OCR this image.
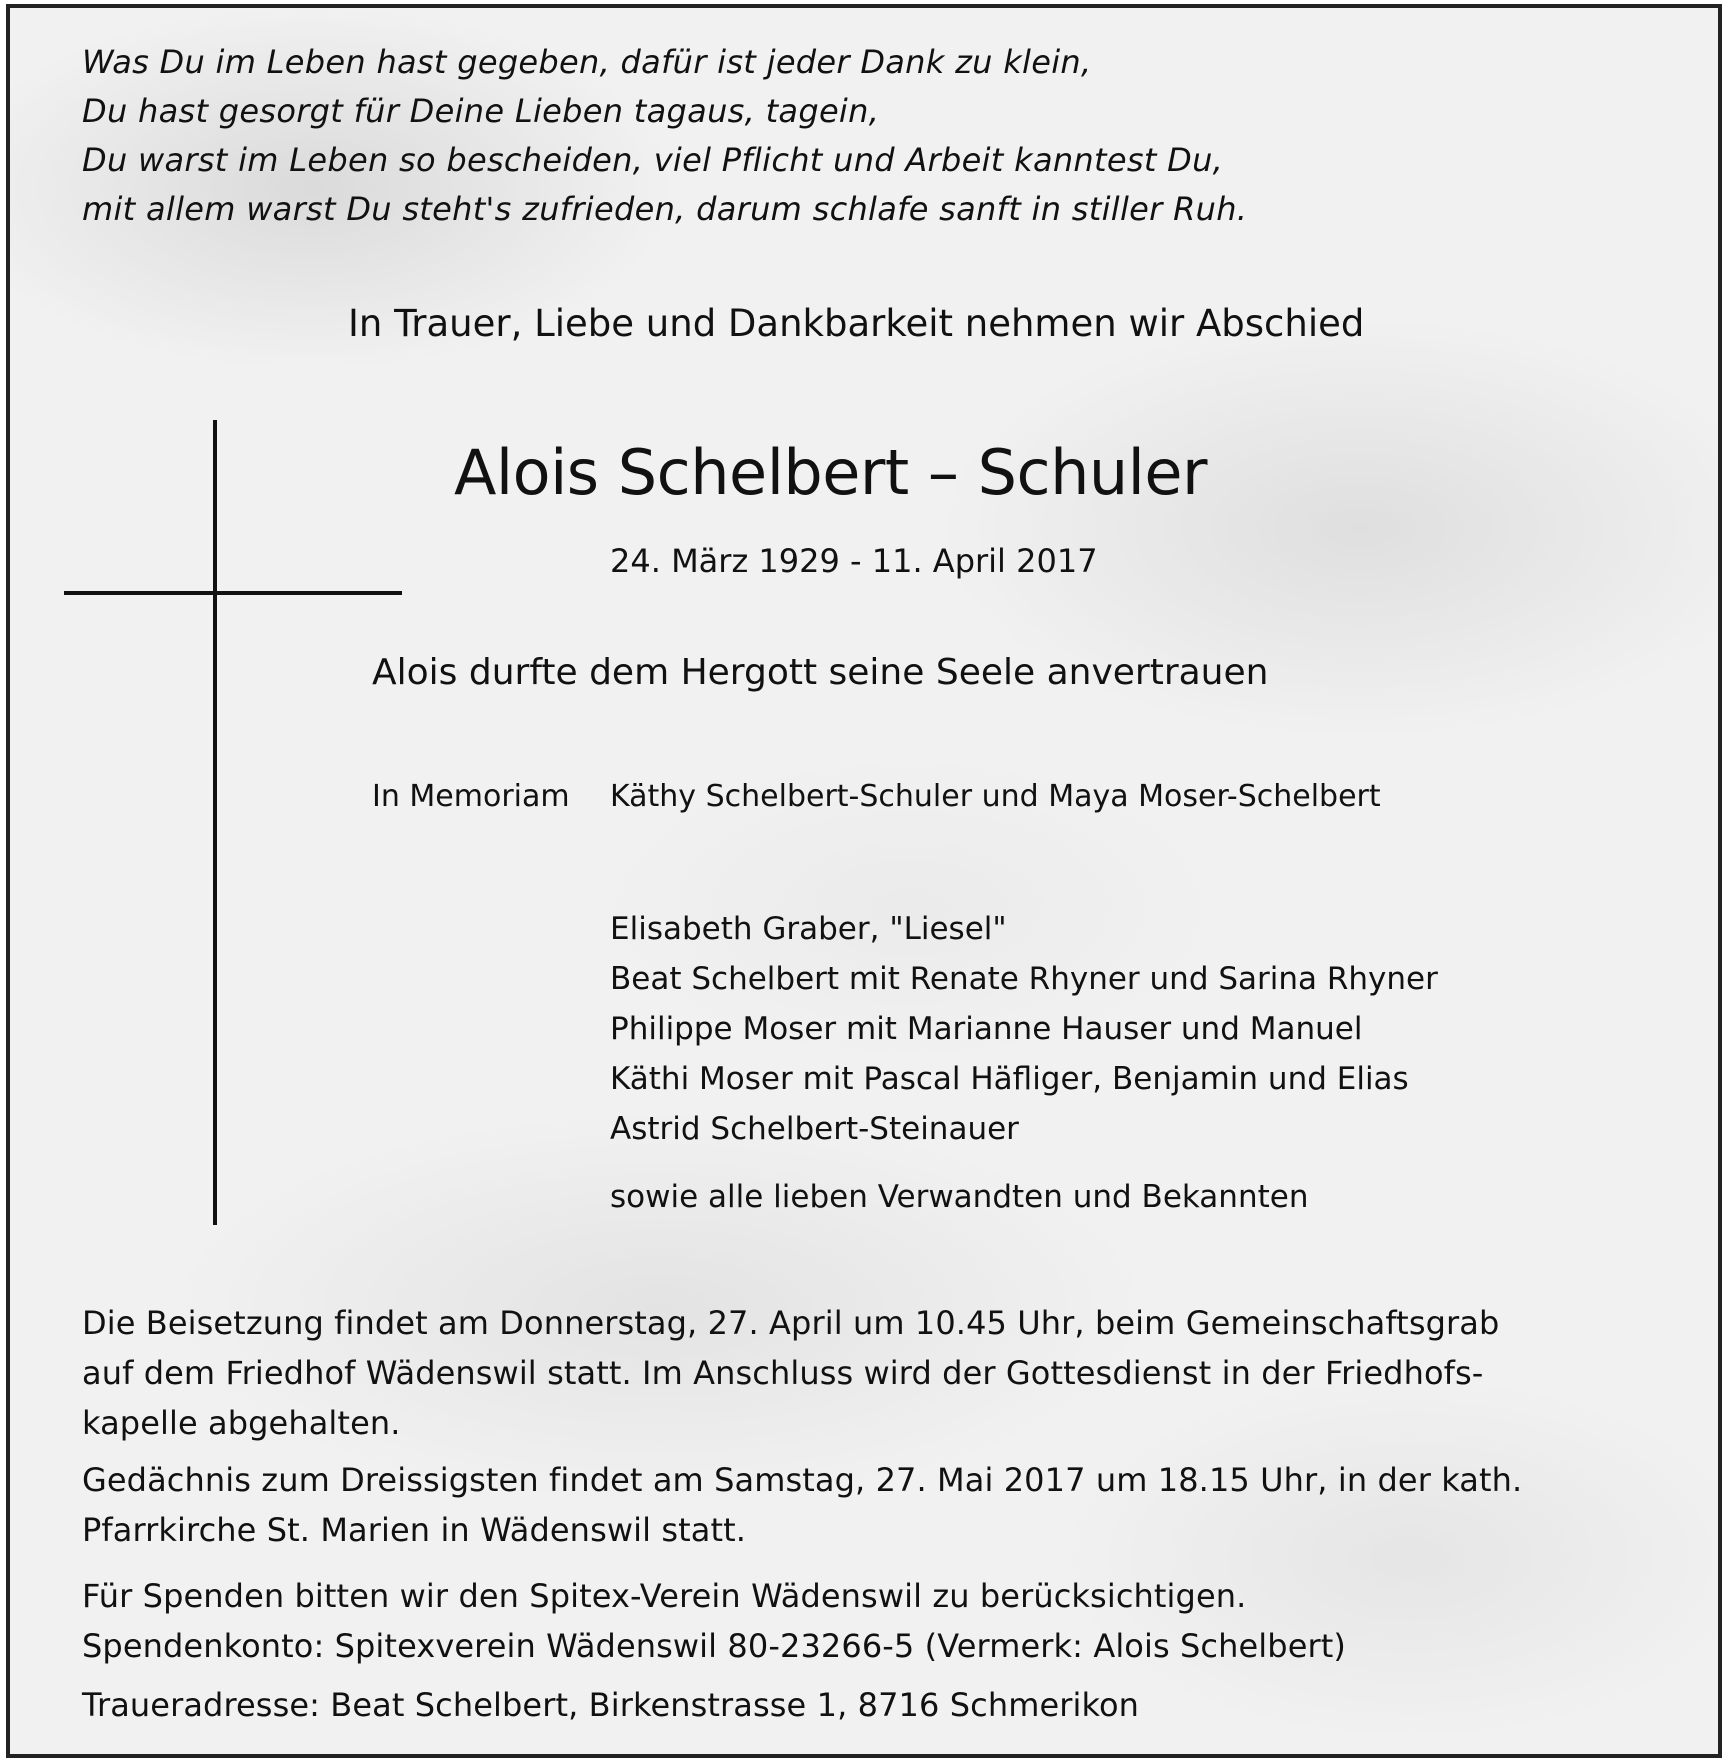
Was Du im Leben hast gegeben, dafür ist jeder Dank zu klein,
Du hast gesorgt für Deine Lieben tagaus, tagein,
Du warst im Leben so bescheiden, viel Pflicht und Arbeit kanntest Du,
mit allem warst Du steht's zufrieden, darum schlafe sanft in stiller Ruh.
In Trauer, Liebe und Dankbarkeit nehmen wir Abschied
Alois Schelbert – Schuler
24. März 1929 - 11. April 2017
Alois durfte dem Hergott seine Seele anvertrauen
In Memoriam Käthy Schelbert-Schuler und Maya Moser-Schelbert
Elisabeth Graber, "Liesel"
Beat Schelbert mit Renate Rhyner und Sarina Rhyner
Philippe Moser mit Marianne Hauser und Manuel
Käthi Moser mit Pascal Häfliger, Benjamin und Elias
Astrid Schelbert-Steinauer
sowie alle lieben Verwandten und Bekannten
Die Beisetzung findet am Donnerstag, 27. April um 10.45 Uhr, beim Gemeinschaftsgrab
auf dem Friedhof Wädenswil statt. Im Anschluss wird der Gottesdienst in der Friedhofs-
kapelle abgehalten.
Gedächnis zum Dreissigsten findet am Samstag, 27. Mai 2017 um 18.15 Uhr, in der kath.
Pfarrkirche St. Marien in Wädenswil statt.
Für Spenden bitten wir den Spitex-Verein Wädenswil zu berücksichtigen.
Spendenkonto: Spitexverein Wädenswil 80-23266-5 (Vermerk: Alois Schelbert)
Traueradresse: Beat Schelbert, Birkenstrasse 1, 8716 Schmerikon
